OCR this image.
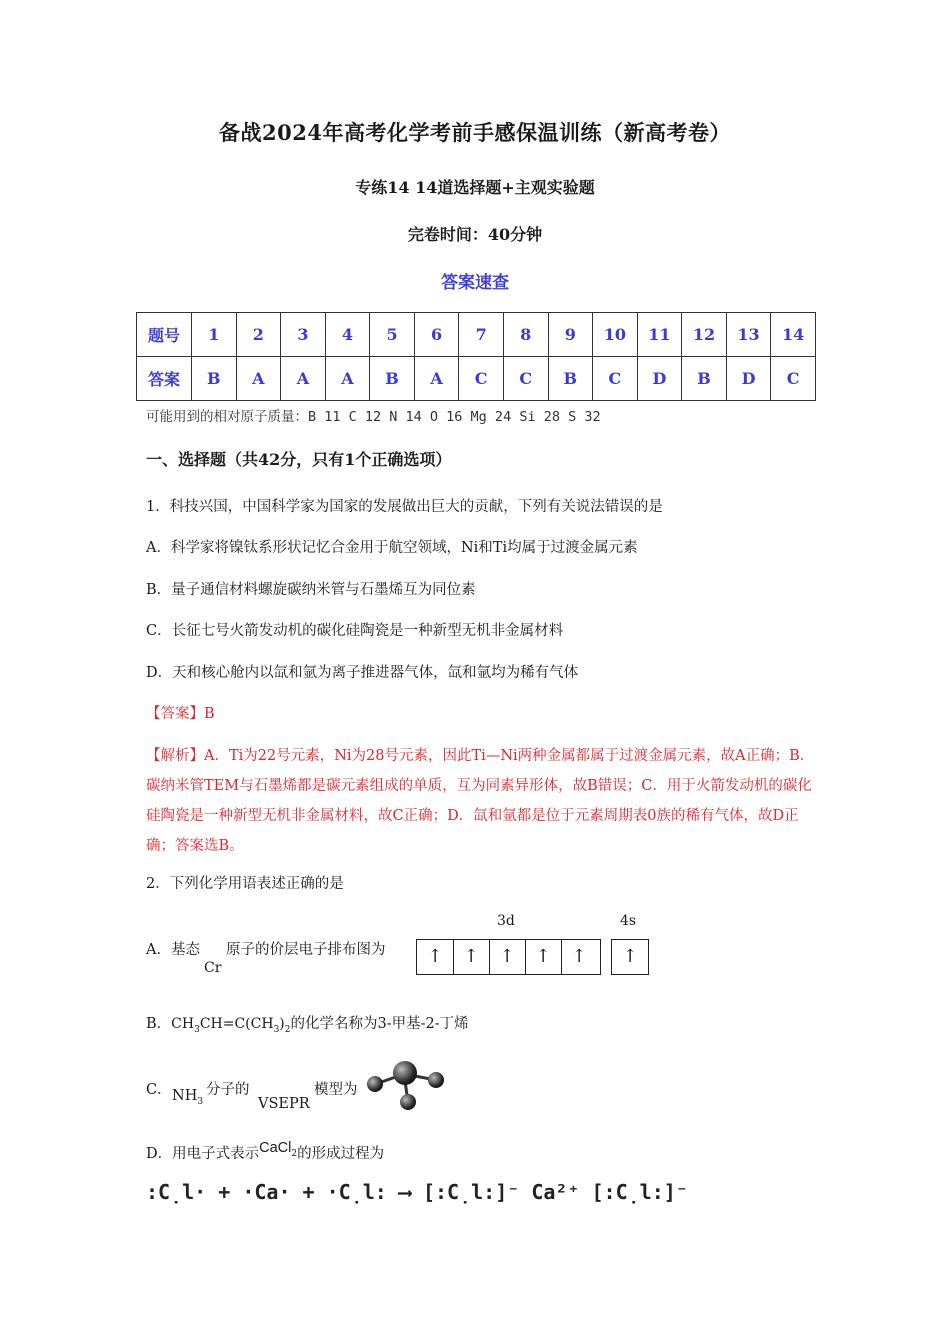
备战2024年高考化学考前手感保温训练（新高考卷）
专练14 14道选择题+主观实验题
完卷时间：40分钟
答案速查
题号	1	2	3	4	5	6	7	8	9	10	11	12	13	14
答案	B	A	A	A	B	A	C	C	B	C	D	B	D	C
可能用到的相对原子质量：B 11 C 12 N 14 O 16 Mg 24 Si 28 S 32
一、选择题（共42分，只有1个正确选项）
1．科技兴国，中国科学家为国家的发展做出巨大的贡献，下列有关说法错误的是
A．科学家将镍钛系形状记忆合金用于航空领域，Ni和Ti均属于过渡金属元素
B．量子通信材料螺旋碳纳米管与石墨烯互为同位素
C．长征七号火箭发动机的碳化硅陶瓷是一种新型无机非金属材料
D．天和核心舱内以氙和氩为离子推进器气体，氙和氩均为稀有气体
【答案】B
【解析】A．Ti为22号元素，Ni为28号元素，因此Ti—Ni两种金属都属于过渡金属元素，故A正确；B．碳纳米管TEM与石墨烯都是碳元素组成的单质，互为同素异形体，故B错误；C．用于火箭发动机的碳化硅陶瓷是一种新型无机非金属材料，故C正确；D．氙和氩都是位于元素周期表0族的稀有气体，故D正确；答案选B。
2．下列化学用语表述正确的是
A．基态
Cr
原子的价层电子排布图为
3d	4s
↑	↑	↑	↑	↑	↑
B．$CH_3CH=C(CH_3)_2$的化学名称为3-甲基-2-丁烯
C． $NH_3$
分子的
VSEPR
模型为
D．用电子式表示CaCl$_2$的形成过程为
:C̣l· + ·Ca· + ·C̣l: ⟶ [:C̣l:]⁻ Ca²⁺ [:C̣l:]⁻
